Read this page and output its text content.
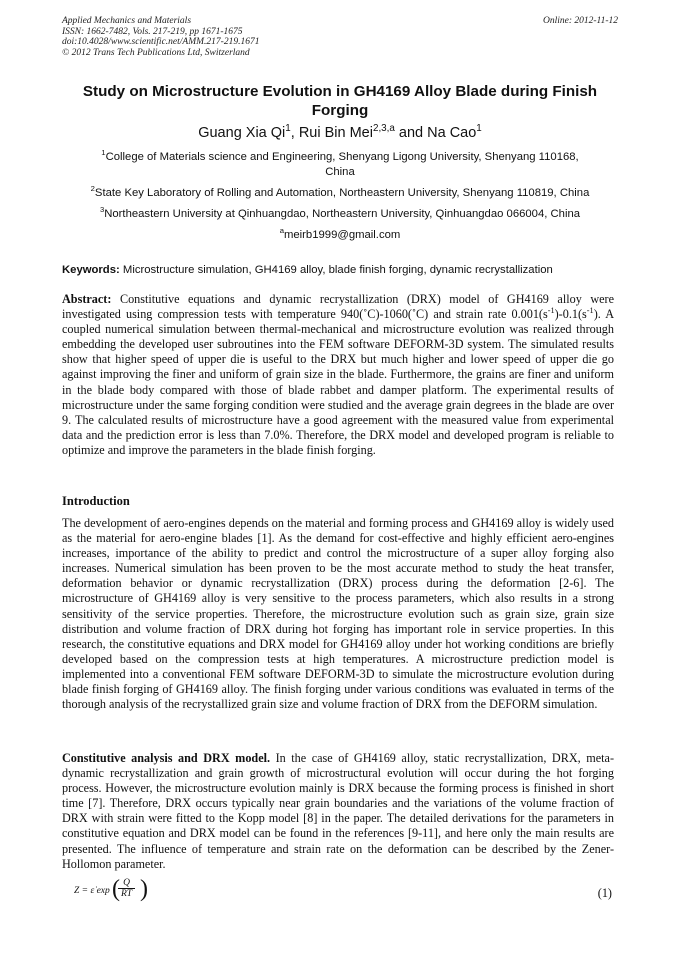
Applied Mechanics and Materials
ISSN: 1662-7482, Vols. 217-219, pp 1671-1675
doi:10.4028/www.scientific.net/AMM.217-219.1671
© 2012 Trans Tech Publications Ltd, Switzerland
Online: 2012-11-12
Study on Microstructure Evolution in GH4169 Alloy Blade during Finish
Forging
Guang Xia Qi$^1$, Rui Bin Mei$^{2,3,a}$ and Na Cao$^1$
$^1$College of Materials science and Engineering, Shenyang Ligong University, Shenyang 110168,
China
$^2$State Key Laboratory of Rolling and Automation, Northeastern University, Shenyang 110819, China
$^3$Northeastern University at Qinhuangdao, Northeastern University, Qinhuangdao 066004, China
$^a$meirb1999@gmail.com
Keywords: Microstructure simulation, GH4169 alloy, blade finish forging, dynamic recrystallization
Abstract: Constitutive equations and dynamic recrystallization (DRX) model of GH4169 alloy were investigated using compression tests with temperature 940(˚C)-1060(˚C) and strain rate $0.001(s^{-1})-0.1(s^{-1})$. A coupled numerical simulation between thermal-mechanical and microstructure evolution was realized through embedding the developed user subroutines into the FEM software DEFORM-3D system. The simulated results show that higher speed of upper die is useful to the DRX but much higher and lower speed of upper die go against improving the finer and uniform of grain size in the blade. Furthermore, the grains are finer and uniform in the blade body compared with those of blade rabbet and damper platform. The experimental results of microstructure under the same forging condition were studied and the average grain degrees in the blade are over 9. The calculated results of microstructure have a good agreement with the measured value from experimental data and the prediction error is less than 7.0%. Therefore, the DRX model and developed program is reliable to optimize and improve the parameters in the blade finish forging.
Introduction
The development of aero-engines depends on the material and forming process and GH4169 alloy is widely used as the material for aero-engine blades [1]. As the demand for cost-effective and highly efficient aero-engines increases, importance of the ability to predict and control the microstructure of a super alloy forging also increases. Numerical simulation has been proven to be the most accurate method to study the heat transfer, deformation behavior or dynamic recrystallization (DRX) process during the deformation [2-6]. The microstructure of GH4169 alloy is very sensitive to the process parameters, which also results in a strong sensitivity of the service properties. Therefore, the microstructure evolution such as grain size, grain size distribution and volume fraction of DRX during hot forging has important role in service properties. In this research, the constitutive equations and DRX model for GH4169 alloy under hot working conditions are briefly developed based on the compression tests at high temperatures. A microstructure prediction model is implemented into a conventional FEM software DEFORM-3D to simulate the microstructure evolution during blade finish forging of GH4169 alloy. The finish forging under various conditions was evaluated in terms of the thorough analysis of the recrystallized grain size and volume fraction of DRX from the DEFORM simulation.
Constitutive analysis and DRX model. In the case of GH4169 alloy, static recrystallization, DRX, meta-dynamic recrystallization and grain growth of microstructural evolution will occur during the hot forging process. However, the microstructure evolution mainly is DRX because the forming process is finished in short time [7]. Therefore, DRX occurs typically near grain boundaries and the variations of the volume fraction of DRX with strain were fitted to the Kopp model [8] in the paper. The detailed derivations for the parameters in constitutive equation and DRX model can be found in the references [9-11], and here only the main results are presented. The influence of temperature and strain rate on the deformation can be described by the Zener-Hollomon parameter.
Z = ε̇ exp (
$\frac{Q}{RT}$ )	(1)
